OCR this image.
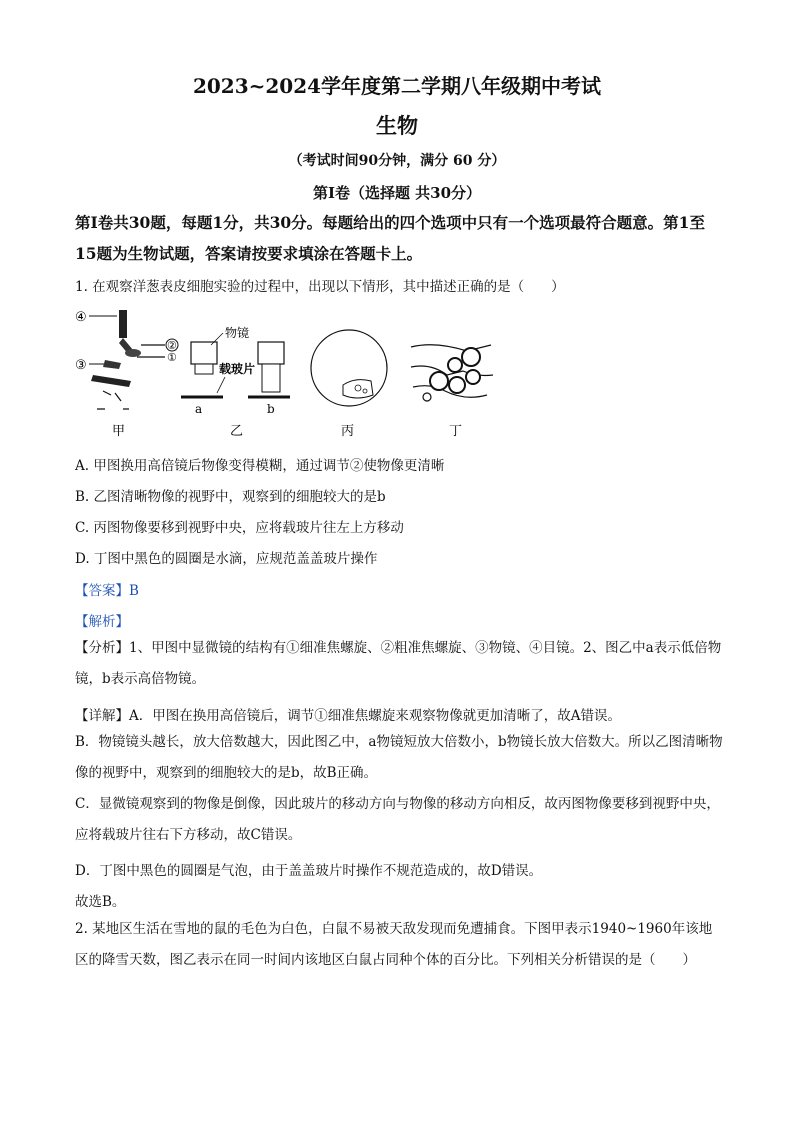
2023~2024学年度第二学期八年级期中考试
生物
（考试时间90分钟，满分 60 分）
第Ⅰ卷（选择题 共30分）
第Ⅰ卷共30题，每题1分，共30分。每题给出的四个选项中只有一个选项最符合题意。第1至15题为生物试题，答案请按要求填涂在答题卡上。
1. 在观察洋葱表皮细胞实验的过程中，出现以下情形，其中描述正确的是（　　）
④
②
①
③
甲
物镜
载玻片
a	b
乙	丙	丁
A. 甲图换用高倍镜后物像变得模糊，通过调节②使物像更清晰
B. 乙图清晰物像的视野中，观察到的细胞较大的是b
C. 丙图物像要移到视野中央，应将载玻片往左上方移动
D. 丁图中黑色的圆圈是水滴，应规范盖盖玻片操作
【答案】B
【解析】
【分析】1、甲图中显微镜的结构有①细准焦螺旋、②粗准焦螺旋、③物镜、④目镜。2、图乙中a表示低倍物镜，b表示高倍物镜。
【详解】A．甲图在换用高倍镜后，调节①细准焦螺旋来观察物像就更加清晰了，故A错误。
B．物镜镜头越长，放大倍数越大，因此图乙中，a物镜短放大倍数小，b物镜长放大倍数大。所以乙图清晰物像的视野中，观察到的细胞较大的是b，故B正确。
C．显微镜观察到的物像是倒像，因此玻片的移动方向与物像的移动方向相反，故丙图物像要移到视野中央，应将载玻片往右下方移动，故C错误。
D．丁图中黑色的圆圈是气泡，由于盖盖玻片时操作不规范造成的，故D错误。
故选B。
2. 某地区生活在雪地的鼠的毛色为白色，白鼠不易被天敌发现而免遭捕食。下图甲表示1940~1960年该地区的降雪天数，图乙表示在同一时间内该地区白鼠占同种个体的百分比。下列相关分析错误的是（　　）
